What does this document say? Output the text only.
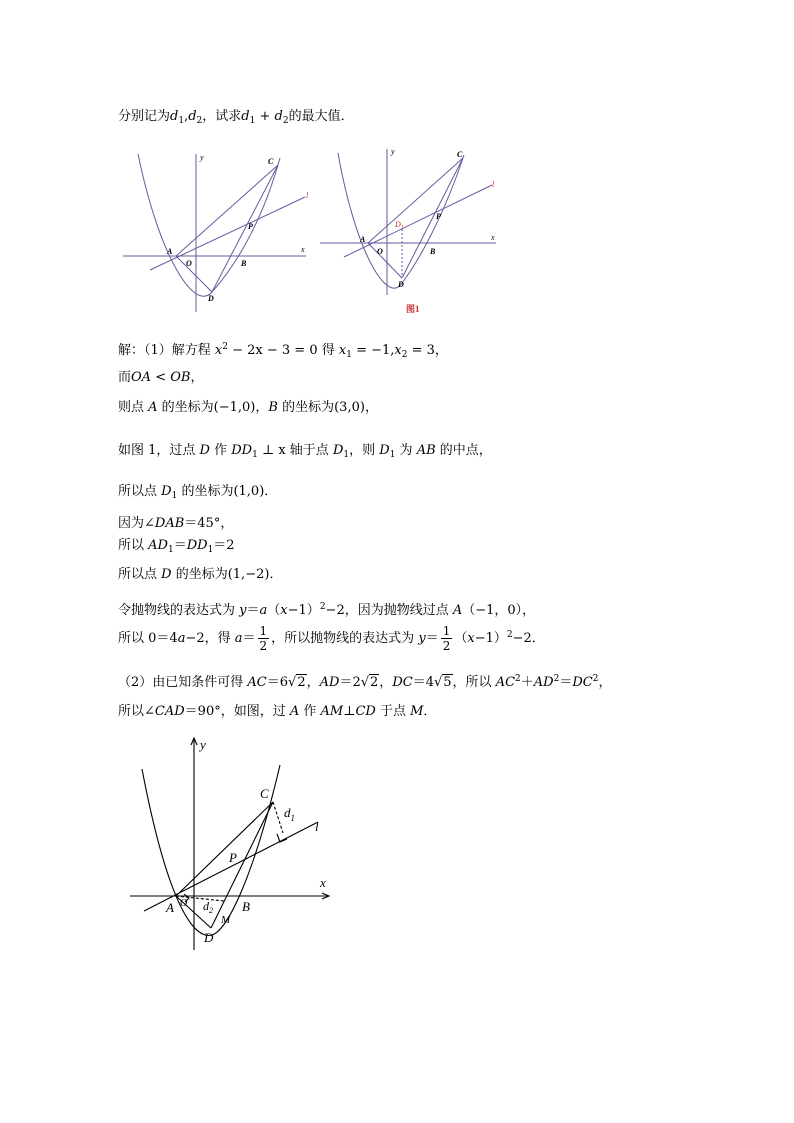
分别记为$d_1,d_2$，试求$d_1 + d_2$的最大值．
y
x
l
C
A
O	B
P
D
y
x
l
C
A
O	B
P
D
$D_1$
图1
解：（1）解方程 $x^2 - 2x - 3 = 0$ 得 $x_1 = -1,x_2 = 3$，
而OA < OB，
则点 A 的坐标为(−1,0)，B 的坐标为(3,0)，
如图 1，过点 D 作 $DD_1$ ⊥ x 轴于点 $D_1$，则 $D_1$ 为 AB 的中点，
所以点 $D_1$ 的坐标为(1,0)．
因为∠DAB＝45°，
所以 $AD_1=DD_1=2$
所以点 D 的坐标为(1,−2)．
令抛物线的表达式为 $y=a(x-1)^2-2$，因为抛物线过点 A（−1，0），
所以 0＝4a−2，得 $a= \frac{1}{2}$ ，所以抛物线的表达式为 $y= \frac{1}{2} (x-1)^2-2$．
（2）由已知条件可得 AC＝6√2，AD＝2√2，DC＝4√5，所以 $AC^2+AD^2=DC^2$，
所以∠CAD＝90°，如图，过 A 作 AM⊥CD 于点 M．
y
x
l
C
A O	B
P
D
M
$d_1$
$d_2$
